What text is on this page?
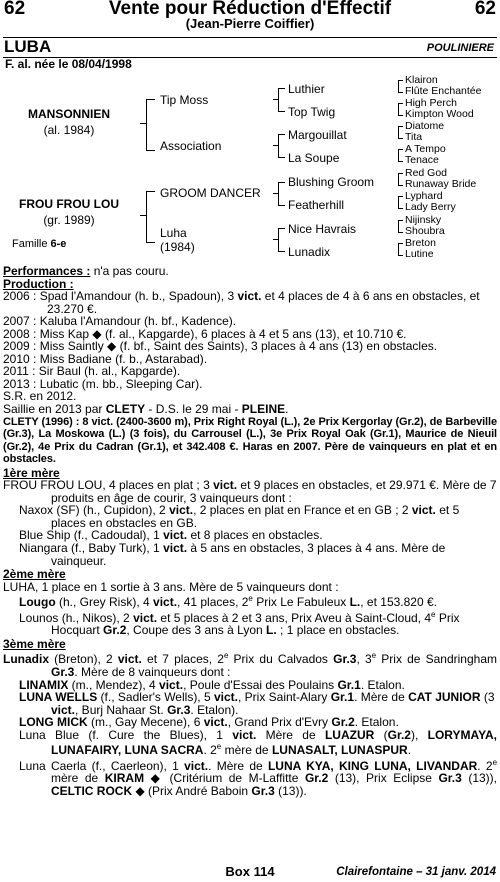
62	Vente pour Réduction d'Effectif	62
(Jean-Pierre Coiffier)
LUBA	POULINIERE
F. al. née le 08/04/1998
MANSONNIEN
(al. 1984)
FROU FROU LOU
(gr. 1989)
Famille 6-e
Tip Moss
Association
GROOM DANCER
Luha
(1984)
Luthier
Top Twig
Margouillat
La Soupe
Blushing Groom
Featherhill
Nice Havrais
Lunadix
Klairon
Flûte Enchantée
High Perch
Kimpton Wood
Diatome
Tita
A Tempo
Tenace
Red God
Runaway Bride
Lyphard
Lady Berry
Nijinsky
Shoubra
Breton
Lutine

Performances : n'a pas couru.

Production :

2006 : Spad l'Amandour (h. b., Spadoun), 3 vict. et 4 places de 4 à 6 ans en obstacles, et 23.270 €.

2007 : Kaluba l'Amandour (h. bf., Kadence).

2008 : Miss Kap ◆ (f. al., Kapgarde), 6 places à 4 et 5 ans (13), et 10.710 €.

2009 : Miss Saintly ◆ (f. bf., Saint des Saints), 3 places à 4 ans (13) en obstacles.

2010 : Miss Badiane (f. b., Astarabad).

2011 : Sir Baul (h. al., Kapgarde).

2013 : Lubatic (m. bb., Sleeping Car).

S.R. en 2012.

Saillie en 2013 par CLETY - D.S. le 29 mai - PLEINE.

CLETY (1996) : 8 vict. (2400-3600 m), Prix Right Royal (L.), 2e Prix Kergorlay (Gr.2), de Barbeville (Gr.3), La Moskowa (L.) (3 fois), du Carrousel (L.), 3e Prix Royal Oak (Gr.1), Maurice de Nieuil (Gr.2), 4e Prix du Cadran (Gr.1), et 342.408 €. Haras en 2007. Père de vainqueurs en plat et en obstacles.

1ère mère

FROU FROU LOU, 4 places en plat ; 3 vict. et 9 places en obstacles, et 29.971 €. Mère de 7 produits en âge de courir, 3 vainqueurs dont :

Naxox (SF) (h., Cupidon), 2 vict., 2 places en plat en France et en GB ; 2 vict. et 5 places en obstacles en GB.

Blue Ship (f., Cadoudal), 1 vict. et 8 places en obstacles.

Niangara (f., Baby Turk), 1 vict. à 5 ans en obstacles, 3 places à 4 ans. Mère de vainqueur.

2ème mère

LUHA, 1 place en 1 sortie à 3 ans. Mère de 5 vainqueurs dont :

Lougo (h., Grey Risk), 4 vict., 41 places, 2e Prix Le Fabuleux L., et 153.820 €.

Lounos (h., Nikos), 2 vict. et 5 places à 2 et 3 ans, Prix Aveu à Saint-Cloud, 4e Prix Hocquart Gr.2, Coupe des 3 ans à Lyon L. ; 1 place en obstacles.

3ème mère

Lunadix (Breton), 2 vict. et 7 places, 2e Prix du Calvados Gr.3, 3e Prix de Sandringham Gr.3. Mère de 8 vainqueurs dont :

LINAMIX (m., Mendez), 4 vict., Poule d'Essai des Poulains Gr.1. Etalon.

LUNA WELLS (f., Sadler's Wells), 5 vict., Prix Saint-Alary Gr.1. Mère de CAT JUNIOR (3 vict., Burj Nahaar St. Gr.3. Etalon).

LONG MICK (m., Gay Mecene), 6 vict., Grand Prix d'Evry Gr.2. Etalon.

Luna Blue (f. Cure the Blues), 1 vict. Mère de LUAZUR (Gr.2), LORYMAYA, LUNAFAIRY, LUNA SACRA. 2e mère de LUNASALT, LUNASPUR.

Luna Caerla (f., Caerleon), 1 vict.. Mère de LUNA KYA, KING LUNA, LIVANDAR. 2e mère de KIRAM ◆ (Critérium de M-Laffitte Gr.2 (13), Prix Eclipse Gr.3 (13)), CELTIC ROCK ◆ (Prix André Baboin Gr.3 (13)).

Box 114	Clairefontaine – 31 janv. 2014
